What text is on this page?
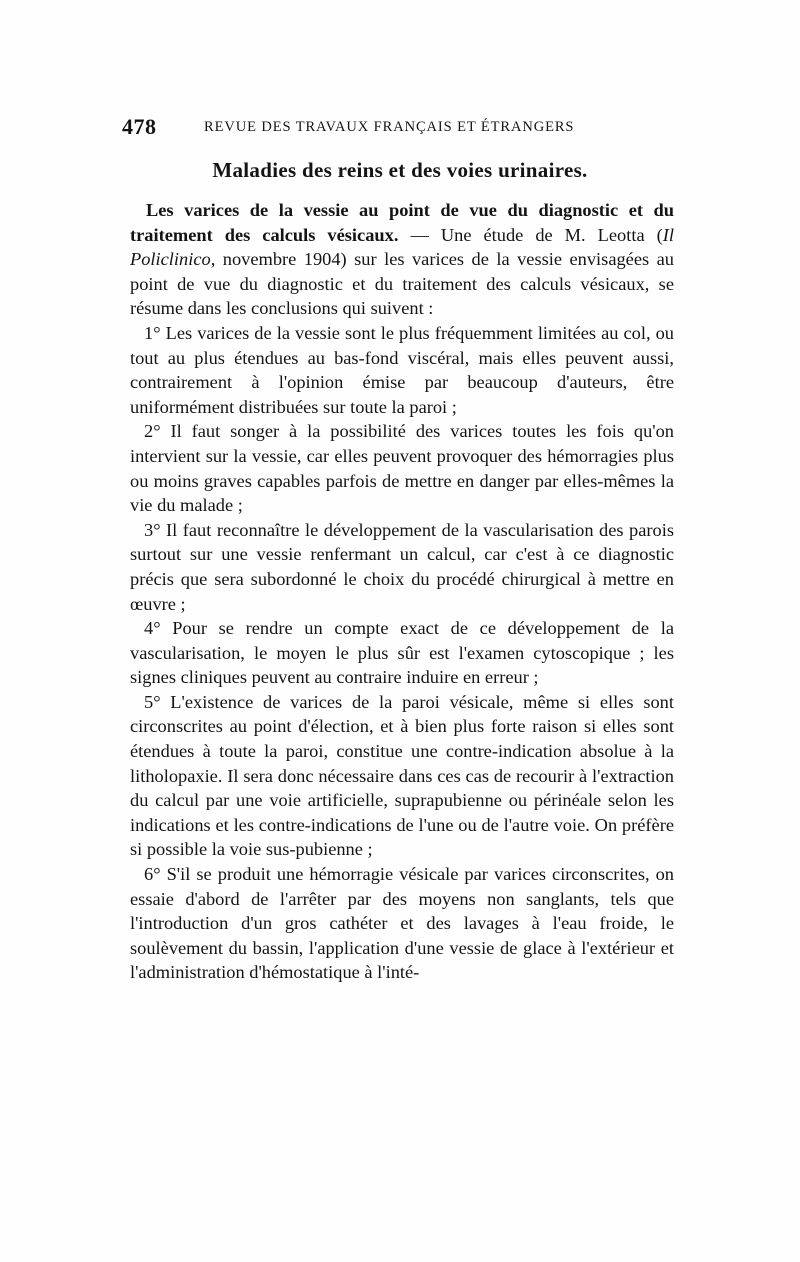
478	REVUE DES TRAVAUX FRANÇAIS ET ÉTRANGERS
Maladies des reins et des voies urinaires.

Les varices de la vessie au point de vue du diagnostic et du traitement des calculs vésicaux. — Une étude de M. Leotta (Il Policlinico, novembre 1904) sur les varices de la vessie envisagées au point de vue du diagnostic et du traitement des calculs vésicaux, se résume dans les conclusions qui suivent :

1° Les varices de la vessie sont le plus fréquemment limitées au col, ou tout au plus étendues au bas-fond viscéral, mais elles peuvent aussi, contrairement à l'opinion émise par beaucoup d'auteurs, être uniformément distribuées sur toute la paroi ;

2° Il faut songer à la possibilité des varices toutes les fois qu'on intervient sur la vessie, car elles peuvent provoquer des hémorragies plus ou moins graves capables parfois de mettre en danger par elles-mêmes la vie du malade ;

3° Il faut reconnaître le développement de la vascularisation des parois surtout sur une vessie renfermant un calcul, car c'est à ce diagnostic précis que sera subordonné le choix du procédé chirurgical à mettre en œuvre ;

4° Pour se rendre un compte exact de ce développement de la vascularisation, le moyen le plus sûr est l'examen cytoscopique ; les signes cliniques peuvent au contraire induire en erreur ;

5° L'existence de varices de la paroi vésicale, même si elles sont circonscrites au point d'élection, et à bien plus forte raison si elles sont étendues à toute la paroi, constitue une contre-indication absolue à la litholopaxie. Il sera donc nécessaire dans ces cas de recourir à l'extraction du calcul par une voie artificielle, suprapubienne ou périnéale selon les indications et les contre-indications de l'une ou de l'autre voie. On préfère si possible la voie sus-pubienne ;

6° S'il se produit une hémorragie vésicale par varices circonscrites, on essaie d'abord de l'arrêter par des moyens non sanglants, tels que l'introduction d'un gros cathéter et des lavages à l'eau froide, le soulèvement du bassin, l'application d'une vessie de glace à l'extérieur et l'administration d'hémostatique à l'inté-
